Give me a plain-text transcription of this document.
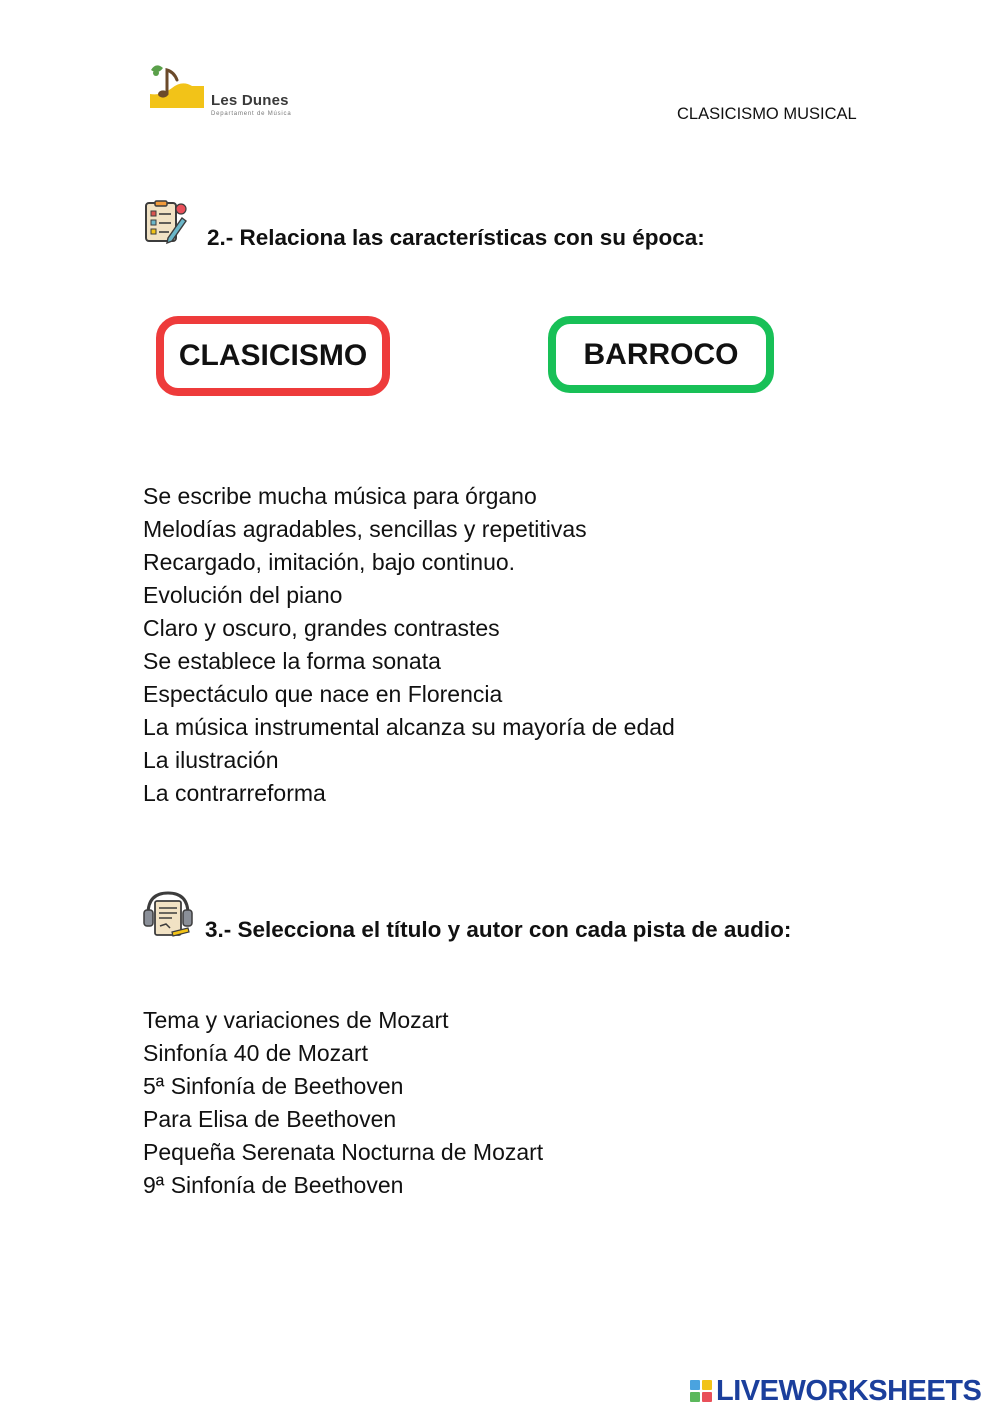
Les Dunes
Departament de Música	CLASICISMO MUSICAL
2.- Relaciona las características con su época:
CLASICISMO	BARROCO
Se escribe mucha música para órgano
Melodías agradables, sencillas y repetitivas
Recargado, imitación, bajo continuo.
Evolución del piano
Claro y oscuro, grandes contrastes
Se establece la forma sonata
Espectáculo que nace en Florencia
La música instrumental alcanza su mayoría de edad
La ilustración
La contrarreforma
3.- Selecciona el título y autor con cada pista de audio:
Tema y variaciones de Mozart
Sinfonía 40 de Mozart
5ª Sinfonía de Beethoven
Para Elisa de Beethoven
Pequeña Serenata Nocturna de Mozart
9ª Sinfonía de Beethoven
LIVEWORKSHEETS
